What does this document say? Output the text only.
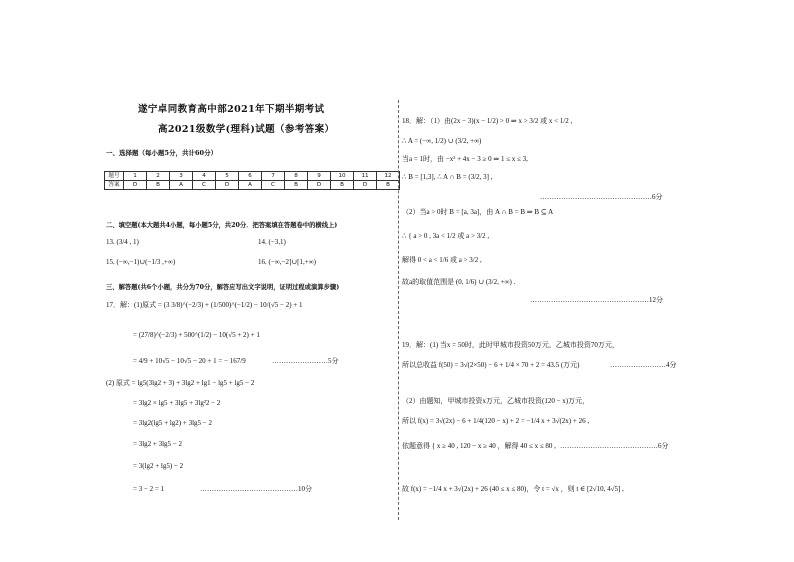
遂宁卓同教育高中部2021年下期半期考试
高2021级数学(理科)试题（参考答案）
一、选择题（每小题5分，共计60分）
题号	1	2	3	4	5	6	7	8	9	10	11	12
答案	D	B	A	C	D	A	C	B	D	B	D	B
二、填空题(本大题共4小题，每小题5分，共20分．把答案填在答题卷中的横线上)
13. (3/4 , 1)	14. (−3,1)
15. (−∞,−1)∪(−1/3 ,+∞)	16. (−∞,−2]∪[1,+∞)
三、解答题(共6个小题，共分为70分，解答应写出文字说明，证明过程或演算步骤)
17．解：(1)原式 = (3 3/8)^(−2/3) + (1/500)^(−1/2) − 10/(√5 − 2) + 1
= (27/8)^(−2/3) + 500^(1/2) − 10(√5 + 2) + 1
= 4/9 + 10√5 − 10√5 − 20 + 1 = − 167/9	……………………5分
(2) 原式 = lg5(3lg2 + 3) + 3lg2 + lg1 − lg5 + lg5 − 2
= 3lg2 × lg5 + 3lg5 + 3lg²2 − 2
= 3lg2(lg5 + lg2) + 3lg5 − 2
= 3lg2 + 3lg5 − 2
= 3(lg2 + lg5) − 2
= 3 − 2 = 1	……………………………………10分
18．解：（1）由(2x − 3)(x − 1/2) > 0 ⇒ x > 3/2 或 x < 1/2 ,
∴ A = (−∞, 1/2) ∪ (3/2, +∞)
当a = 1时，由 −x² + 4x − 3 ≥ 0 ⇒ 1 ≤ x ≤ 3,
∴ B = [1,3], ∴ A ∩ B = (3/2, 3] ,
…………………………………………6分
（2）当a > 0时 B = [a, 3a]，由 A ∩ B = B ⇒ B ⊆ A
∴ { a > 0 , 3a < 1/2 或 a > 3/2 ,
解得 0 < a < 1/6 或 a > 3/2 ,
故a的取值范围是 (0, 1/6) ∪ (3/2, +∞) .
……………………………………………12分
19．解：(1) 当x = 50时，此时甲城市投资50万元，乙城市投资70万元，
所以总收益 f(50) = 3√(2×50) − 6 + 1/4 × 70 + 2 = 43.5 (万元)	……………………4分
（2）由题知，甲城市投资x万元，乙城市投资(120 − x)万元，
所以 f(x) = 3√(2x) − 6 + 1/4(120 − x) + 2 = −1/4 x + 3√(2x) + 26 ,
依题意得 { x ≥ 40 , 120 − x ≥ 40 ，解得 40 ≤ x ≤ 80 , ……………………………………6分
故 f(x) = −1/4 x + 3√(2x) + 26 (40 ≤ x ≤ 80)，令 t = √x ，则 t ∈ [2√10, 4√5] ,
